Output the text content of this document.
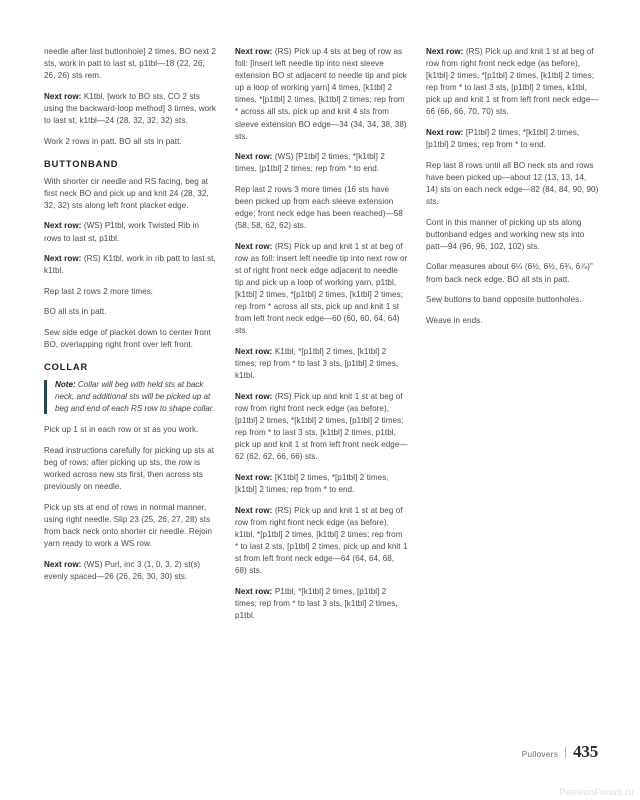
needle after last buttonhole] 2 times, BO next 2 sts, work in patt to last st, p1tbl—18 (22, 26, 26, 26) sts rem.

Next row: K1tbl, [work to BO sts, CO 2 sts using the backward-loop method] 3 times, work to last st, k1tbl—24 (28, 32, 32, 32) sts.

Work 2 rows in patt. BO all sts in patt.

BUTTONBAND

With shorter cir needle and RS facing, beg at first neck BO and pick up and knit 24 (28, 32, 32, 32) sts along left front placket edge.

Next row: (WS) P1tbl, work Twisted Rib in rows to last st, p1tbl.

Next row: (RS) K1tbl, work in rib patt to last st, k1tbl.

Rep last 2 rows 2 more times.

BO all sts in patt.

Sew side edge of placket down to center front BO, overlapping right front over left front.

COLLAR
Note: Collar will beg with held sts at back neck, and additional sts will be picked up at beg and end of each RS row to shape collar.

Pick up 1 st in each row or st as you work.

Read instructions carefully for picking up sts at beg of rows; after picking up sts, the row is worked across new sts first, then across sts previously on needle.

Pick up sts at end of rows in normal manner, using right needle. Slip 23 (25, 26, 27, 28) sts from back neck onto shorter cir needle. Rejoin yarn ready to work a WS row.

Next row: (WS) Purl, inc 3 (1, 0, 3, 2) st(s) evenly spaced—26 (26, 26, 30, 30) sts.

Next row: (RS) Pick up 4 sts at beg of row as foll: [insert left needle tip into next sleeve extension BO st adjacent to needle tip and pick up a loop of working yarn] 4 times, [k1tbl] 2 times, *[p1tbl] 2 times, [k1tbl] 2 times; rep from * across all sts, pick up and knit 4 sts from sleeve extension BO edge—34 (34, 34, 38, 38) sts.

Next row: (WS) [P1tbl] 2 times, *[k1tbl] 2 times, [p1tbl] 2 times; rep from * to end.

Rep last 2 rows 3 more times (16 sts have been picked up from each sleeve extension edge; front neck edge has been reached)—58 (58, 58, 62, 62) sts.

Next row: (RS) Pick up and knit 1 st at beg of row as foll: insert left needle tip into next row or st of right front neck edge adjacent to needle tip and pick up a loop of working yarn, p1tbl, [k1tbl] 2 times, *[p1tbl] 2 times, [k1tbl] 2 times; rep from * across all sts, pick up and knit 1 st from left front neck edge—60 (60, 60, 64, 64) sts.

Next row: K1tbl, *[p1tbl] 2 times, [k1tbl] 2 times; rep from * to last 3 sts, [p1tbl] 2 times, k1tbl.

Next row: (RS) Pick up and knit 1 st at beg of row from right front neck edge (as before), [p1tbl] 2 times, *[k1tbl] 2 times, [p1tbl] 2 times; rep from * to last 3 sts, [k1tbl] 2 times, p1tbl, pick up and knit 1 st from left front neck edge—62 (62, 62, 66, 66) sts.

Next row: [K1tbl] 2 times, *[p1tbl] 2 times, [k1tbl] 2 times; rep from * to end.

Next row: (RS) Pick up and knit 1 st at beg of row from right front neck edge (as before), k1tbl, *[p1tbl] 2 times, [k1tbl] 2 times; rep from * to last 2 sts, [p1tbl] 2 times, pick up and knit 1 st from left front neck edge—64 (64, 64, 68, 68) sts.

Next row: P1tbl, *[k1tbl] 2 times, [p1tbl] 2 times; rep from * to last 3 sts, [k1tbl] 2 times, p1tbl.

Next row: (RS) Pick up and knit 1 st at beg of row from right front neck edge (as before), [k1tbl] 2 times, *[p1tbl] 2 times, [k1tbl] 2 times; rep from * to last 3 sts, [p1tbl] 2 times, k1tbl, pick up and knit 1 st from left front neck edge—66 (66, 66, 70, 70) sts.

Next row: [P1tbl] 2 times, *[k1tbl] 2 times, [p1tbl] 2 times; rep from * to end.

Rep last 8 rows until all BO neck sts and rows have been picked up—about 12 (13, 13, 14, 14) sts on each neck edge—82 (84, 84, 90, 90) sts.

Cont in this manner of picking up sts along buttonband edges and working new sts into patt—94 (96, 96, 102, 102) sts.

Collar measures about 6¼ (6½, 6½, 6¾, 6⅞)" from back neck edge. BO all sts in patt.

Sew buttons to band opposite buttonholes.

Weave in ends.

Pullovers 435
PassionForum.ru
